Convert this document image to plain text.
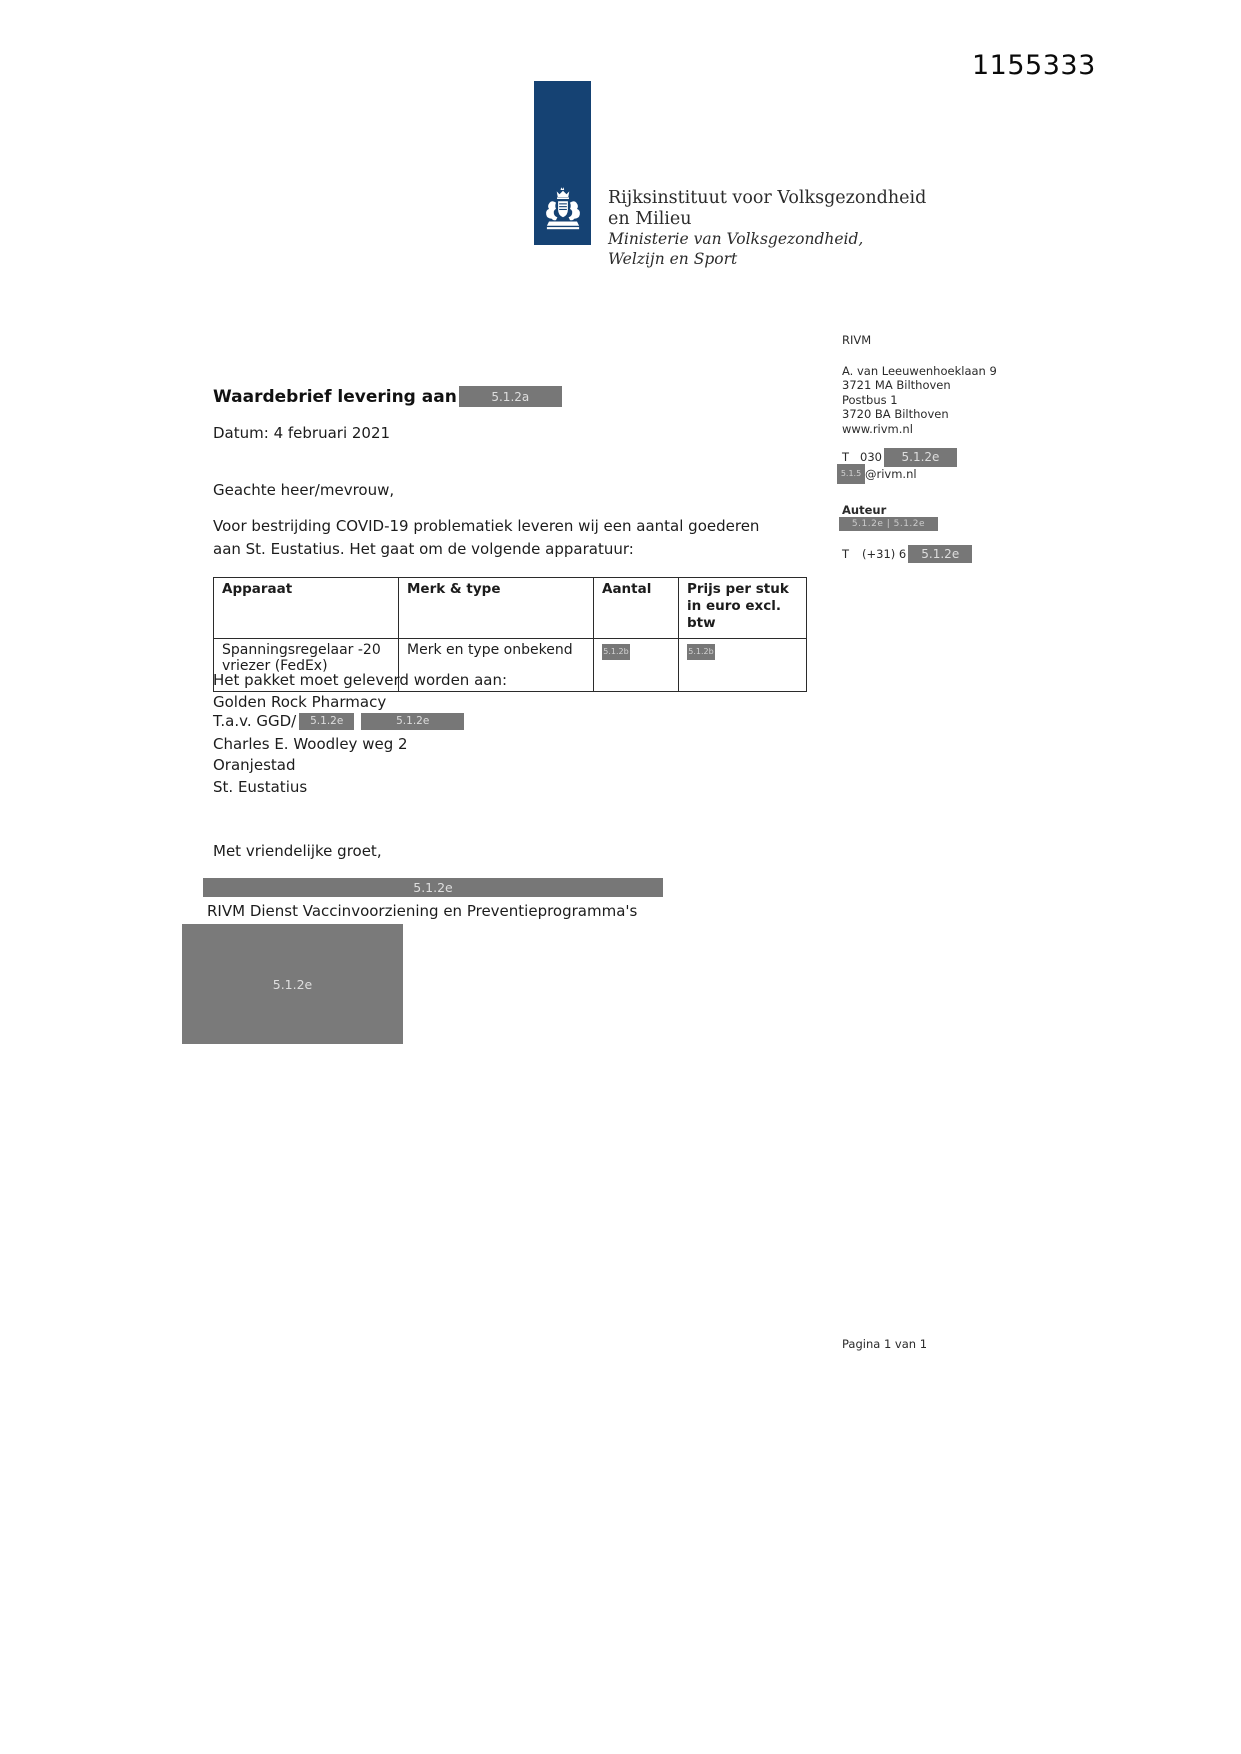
1155333
Rijksinstituut voor Volksgezondheid
en Milieu
Ministerie van Volksgezondheid,
Welzijn en Sport
RIVM
A. van Leeuwenhoeklaan 9
3721 MA Bilthoven
Postbus 1
3720 BA Bilthoven
www.rivm.nl
T 030	5.1.2e
5.1.5 @rivm.nl
Auteur
5.1.2e | 5.1.2e
T (+31) 6	5.1.2e
Waardebrief levering aan	5.1.2a
Datum: 4 februari 2021
Geachte heer/mevrouw,
Voor bestrijding COVID-19 problematiek leveren wij een aantal goederen
aan St. Eustatius. Het gaat om de volgende apparatuur:
Apparaat	Merk & type	Aantal	Prijs per stuk in euro excl. btw
Spanningsregelaar -20 vriezer (FedEx)	Merk en type onbekend	5.1.2b	5.1.2b
Het pakket moet geleverd worden aan:
Golden Rock Pharmacy
T.a.v. GGD/	5.1.2e	5.1.2e
Charles E. Woodley weg 2
Oranjestad
St. Eustatius
Met vriendelijke groet,
5.1.2e
RIVM Dienst Vaccinvoorziening en Preventieprogramma's
5.1.2e
Pagina 1 van 1
